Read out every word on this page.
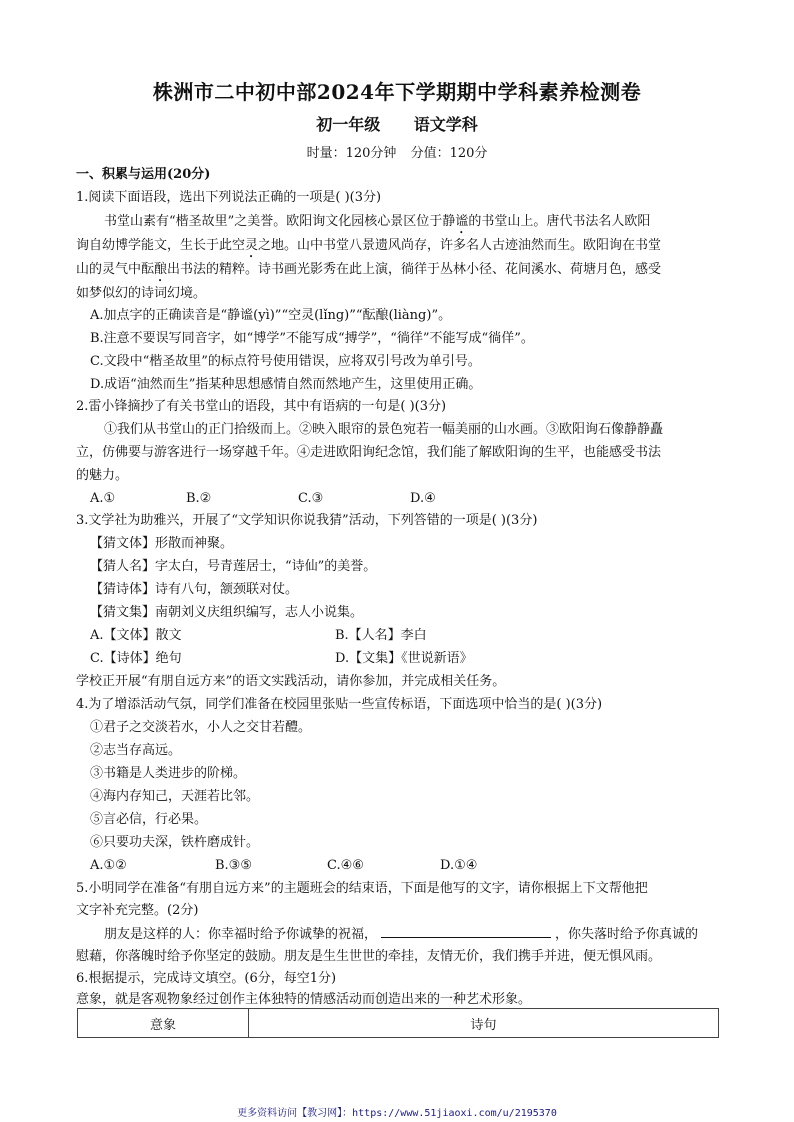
株洲市二中初中部2024年下学期期中学科素养检测卷
初一年级 语文学科
时量：120分钟 分值：120分
一、积累与运用(20分)
1.阅读下面语段，选出下列说法正确的一项是( )(3分)
书堂山素有“楷圣故里”之美誉。欧阳询文化园核心景区位于静谧的书堂山上。唐代书法名人欧阳
询自幼博学能文，生长于此空灵之地。山中书堂八景遗风尚存，许多名人古迹油然而生。欧阳询在书堂
山的灵气中酝酿出书法的精粹。诗书画光影秀在此上演，徜徉于丛林小径、花间溪水、荷塘月色，感受
如梦似幻的诗词幻境。
A.加点字的正确读音是“静谧(yì)”“空灵(lǐng)”“酝酿(liàng)”。
B.注意不要误写同音字，如“博学”不能写成“搏学”，“徜徉”不能写成“徜佯”。
C.文段中“楷圣故里”的标点符号使用错误，应将双引号改为单引号。
D.成语“油然而生”指某种思想感情自然而然地产生，这里使用正确。
2.雷小锋摘抄了有关书堂山的语段，其中有语病的一句是( )(3分)
①我们从书堂山的正门拾级而上。②映入眼帘的景色宛若一幅美丽的山水画。③欧阳询石像静静矗
立，仿佛要与游客进行一场穿越千年。④走进欧阳询纪念馆，我们能了解欧阳询的生平，也能感受书法
的魅力。
A.①	B.②	C.③	D.④
3.文学社为助雅兴，开展了“文学知识你说我猜”活动，下列答错的一项是( )(3分)
【猜文体】形散而神聚。
【猜人名】字太白，号青莲居士，“诗仙”的美誉。
【猜诗体】诗有八句，颔颈联对仗。
【猜文集】南朝刘义庆组织编写，志人小说集。
A.【文体】散文	B.【人名】李白
C.【诗体】绝句	D.【文集】《世说新语》
学校正开展“有朋自远方来”的语文实践活动，请你参加，并完成相关任务。
4.为了增添活动气氛，同学们准备在校园里张贴一些宣传标语，下面选项中恰当的是( )(3分)
①君子之交淡若水，小人之交甘若醴。
②志当存高远。
③书籍是人类进步的阶梯。
④海内存知己，天涯若比邻。
⑤言必信，行必果。
⑥只要功夫深，铁杵磨成针。
A.①②	B.③⑤	C.④⑥	D.①④
5.小明同学在准备“有朋自远方来”的主题班会的结束语，下面是他写的文字，请你根据上下文帮他把
文字补充完整。(2分)
朋友是这样的人：你幸福时给予你诚挚的祝福，	，你失落时给予你真诚的
慰藉，你落魄时给予你坚定的鼓励。朋友是生生世世的牵挂，友情无价，我们携手并进，便无惧风雨。
6.根据提示，完成诗文填空。(6分，每空1分)
意象，就是客观物象经过创作主体独特的情感活动而创造出来的一种艺术形象。
意象	诗句
更多资料访问【教习网】：https://www.51jiaoxi.com/u/2195370
